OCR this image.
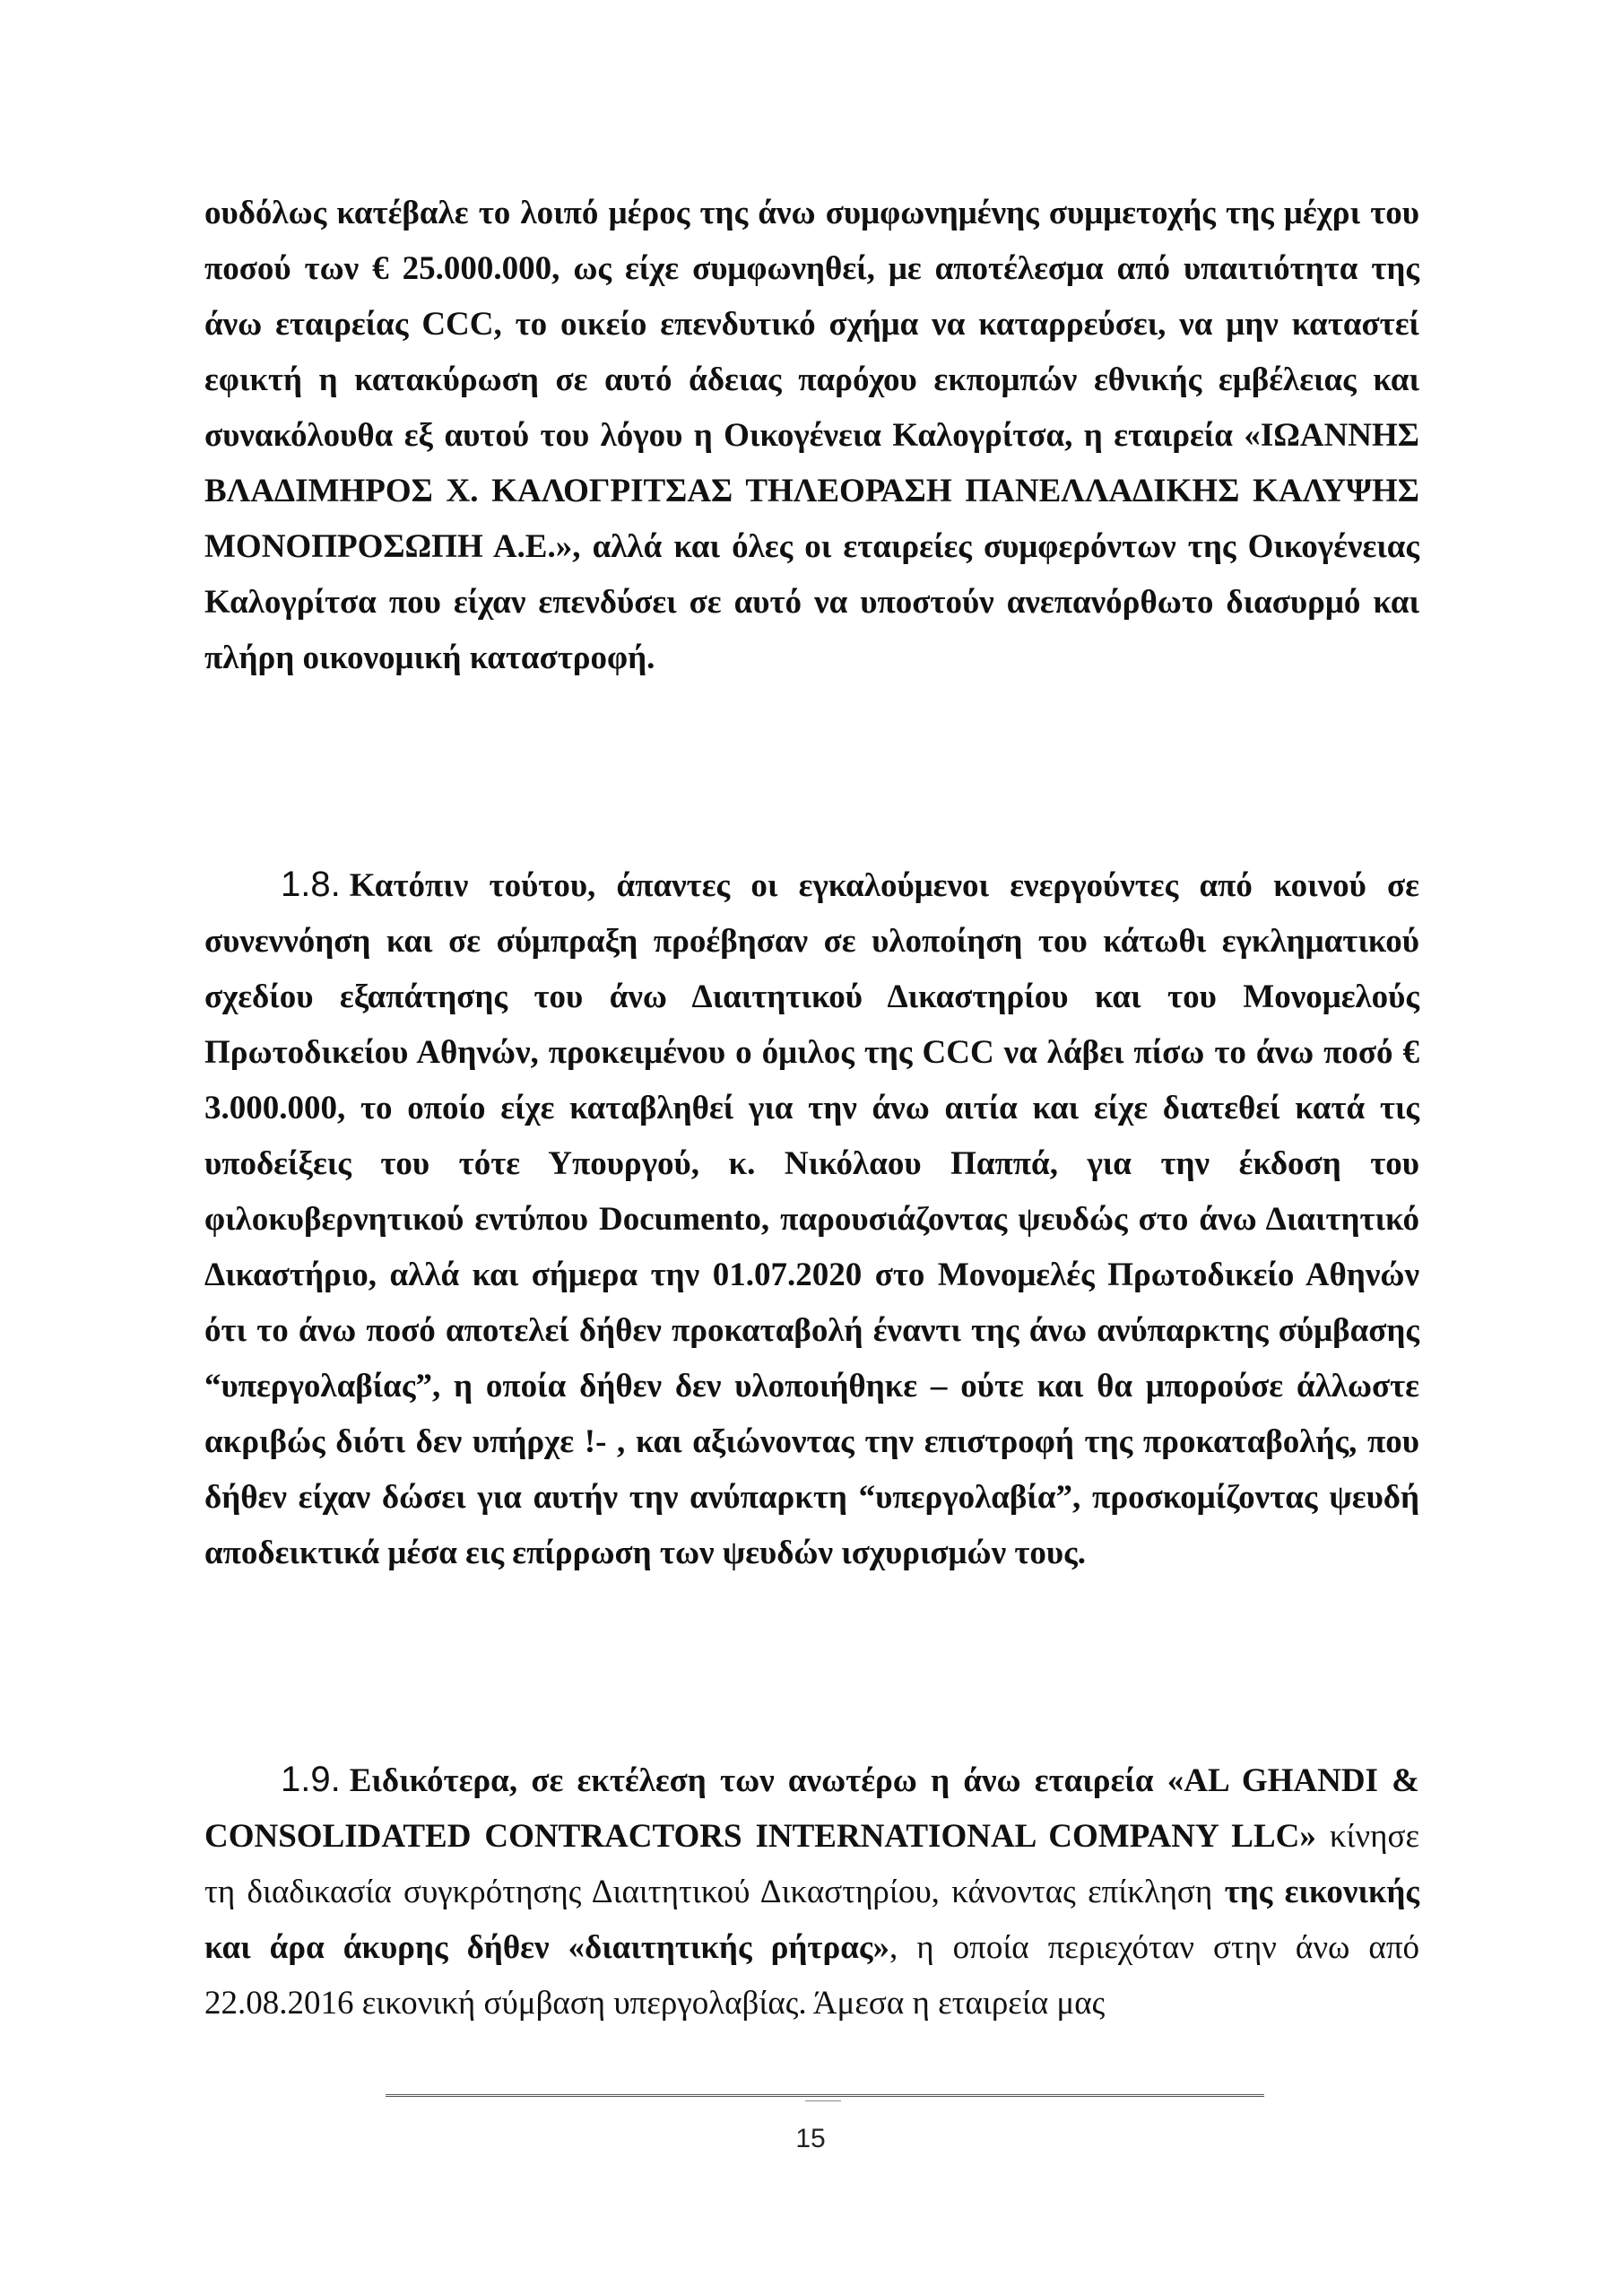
ουδόλως κατέβαλε το λοιπό μέρος της άνω συμφωνημένης συμμετοχής της μέχρι του ποσού των € 25.000.000, ως είχε συμφωνηθεί, με αποτέλεσμα από υπαιτιότητα της άνω εταιρείας CCC, το οικείο επενδυτικό σχήμα να καταρρεύσει, να μην καταστεί εφικτή η κατακύρωση σε αυτό άδειας παρόχου εκπομπών εθνικής εμβέλειας και συνακόλουθα εξ αυτού του λόγου η Οικογένεια Καλογρίτσα, η εταιρεία «ΙΩΑΝΝΗΣ ΒΛΑΔΙΜΗΡΟΣ Χ. ΚΑΛΟΓΡΙΤΣΑΣ ΤΗΛΕΟΡΑΣΗ ΠΑΝΕΛΛΑΔΙΚΗΣ ΚΑΛΥΨΗΣ ΜΟΝΟΠΡΟΣΩΠΗ Α.Ε.», αλλά και όλες οι εταιρείες συμφερόντων της Οικογένειας Καλογρίτσα που είχαν επενδύσει σε αυτό να υποστούν ανεπανόρθωτο διασυρμό και πλήρη οικονομική καταστροφή.
1.8. Κατόπιν τούτου, άπαντες οι εγκαλούμενοι ενεργούντες από κοινού σε συνεννόηση και σε σύμπραξη προέβησαν σε υλοποίηση του κάτωθι εγκληματικού σχεδίου εξαπάτησης του άνω Διαιτητικού Δικαστηρίου και του Μονομελούς Πρωτοδικείου Αθηνών, προκειμένου ο όμιλος της CCC να λάβει πίσω το άνω ποσό € 3.000.000, το οποίο είχε καταβληθεί για την άνω αιτία και είχε διατεθεί κατά τις υποδείξεις του τότε Υπουργού, κ. Νικόλαου Παππά, για την έκδοση του φιλοκυβερνητικού εντύπου Documento, παρουσιάζοντας ψευδώς στο άνω Διαιτητικό Δικαστήριο, αλλά και σήμερα την 01.07.2020 στο Μονομελές Πρωτοδικείο Αθηνών ότι το άνω ποσό αποτελεί δήθεν προκαταβολή έναντι της άνω ανύπαρκτης σύμβασης “υπεργολαβίας”, η οποία δήθεν δεν υλοποιήθηκε – ούτε και θα μπορούσε άλλωστε ακριβώς διότι δεν υπήρχε !- , και αξιώνοντας την επιστροφή της προκαταβολής, που δήθεν είχαν δώσει για αυτήν την ανύπαρκτη “υπεργολαβία”, προσκομίζοντας ψευδή αποδεικτικά μέσα εις επίρρωση των ψευδών ισχυρισμών τους.
1.9. Ειδικότερα, σε εκτέλεση των ανωτέρω η άνω εταιρεία «AL GHANDI & CONSOLIDATED CONTRACTORS INTERNATIONAL COMPANY LLC» κίνησε τη διαδικασία συγκρότησης Διαιτητικού Δικαστηρίου, κάνοντας επίκληση της εικονικής και άρα άκυρης δήθεν «διαιτητικής ρήτρας», η οποία περιεχόταν στην άνω από 22.08.2016 εικονική σύμβαση υπεργολαβίας. Άμεσα η εταιρεία μας
15
